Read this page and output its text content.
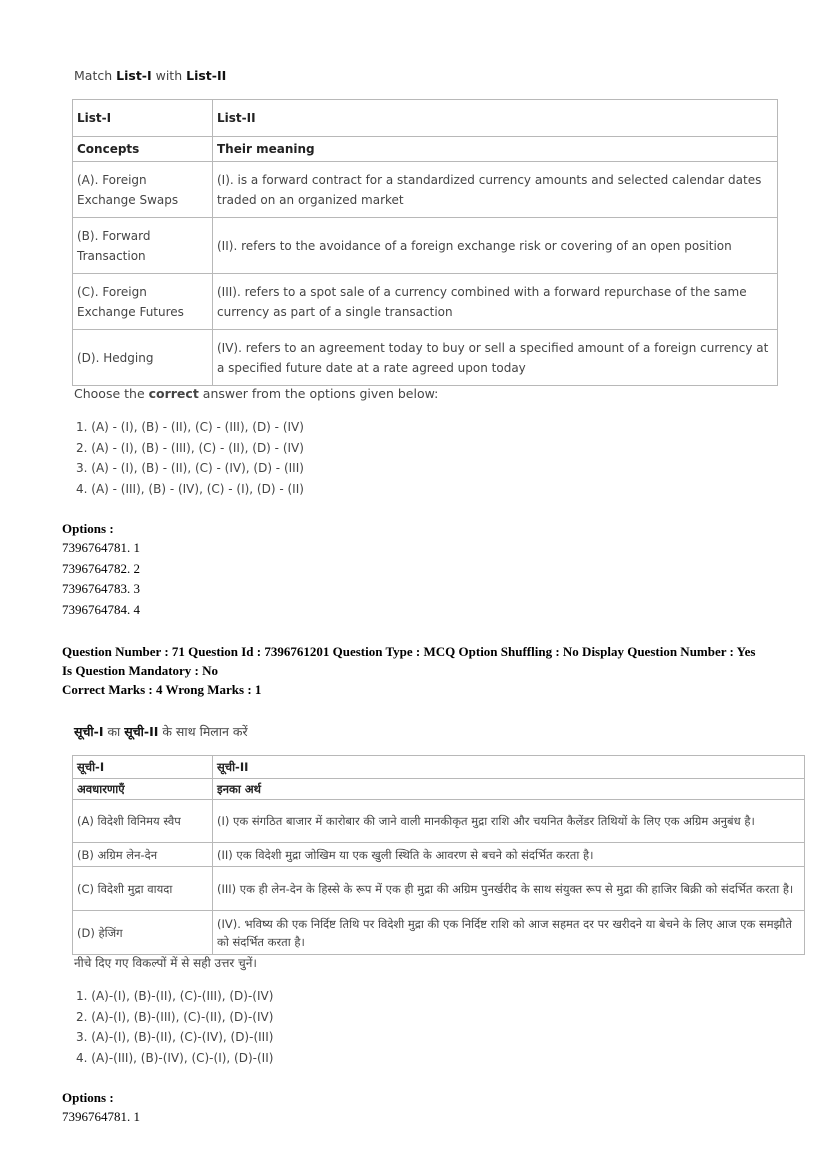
Match List-I with List-II
List-I	List-II
Concepts	Their meaning
(A). Foreign Exchange Swaps	(I). is a forward contract for a standardized currency amounts and selected calendar dates traded on an organized market
(B). Forward Transaction	(II). refers to the avoidance of a foreign exchange risk or covering of an open position
(C). Foreign Exchange Futures	(III). refers to a spot sale of a currency combined with a forward repurchase of the same currency as part of a single transaction
(D). Hedging	(IV). refers to an agreement today to buy or sell a specified amount of a foreign currency at a specified future date at a rate agreed upon today
Choose the correct answer from the options given below:
1. (A) - (I), (B) - (II), (C) - (III), (D) - (IV)
2. (A) - (I), (B) - (III), (C) - (II), (D) - (IV)
3. (A) - (I), (B) - (II), (C) - (IV), (D) - (III)
4. (A) - (III), (B) - (IV), (C) - (I), (D) - (II)
Options :
7396764781. 1
7396764782. 2
7396764783. 3
7396764784. 4
Question Number : 71 Question Id : 7396761201 Question Type : MCQ Option Shuffling : No Display Question Number : Yes
Is Question Mandatory : No
Correct Marks : 4 Wrong Marks : 1
सूची-I का सूची-II के साथ मिलान करें
सूची-I	सूची-II
अवधारणाएँ	इनका अर्थ
(A) विदेशी विनिमय स्वैप	(I) एक संगठित बाजार में कारोबार की जाने वाली मानकीकृत मुद्रा राशि और चयनित कैलेंडर तिथियों के लिए एक अग्रिम अनुबंध है।
(B) अग्रिम लेन-देन	(II) एक विदेशी मुद्रा जोखिम या एक खुली स्थिति के आवरण से बचने को संदर्भित करता है।
(C) विदेशी मुद्रा वायदा	(III) एक ही लेन-देन के हिस्से के रूप में एक ही मुद्रा की अग्रिम पुनर्खरीद के साथ संयुक्त रूप से मुद्रा की हाजिर बिक्री को संदर्भित करता है।
(D) हेजिंग	(IV). भविष्य की एक निर्दिष्ट तिथि पर विदेशी मुद्रा की एक निर्दिष्ट राशि को आज सहमत दर पर खरीदने या बेचने के लिए आज एक समझौते को संदर्भित करता है।
नीचे दिए गए विकल्पों में से सही उत्तर चुनें।
1. (A)-(I), (B)-(II), (C)-(III), (D)-(IV)
2. (A)-(I), (B)-(III), (C)-(II), (D)-(IV)
3. (A)-(I), (B)-(II), (C)-(IV), (D)-(III)
4. (A)-(III), (B)-(IV), (C)-(I), (D)-(II)
Options :
7396764781. 1
